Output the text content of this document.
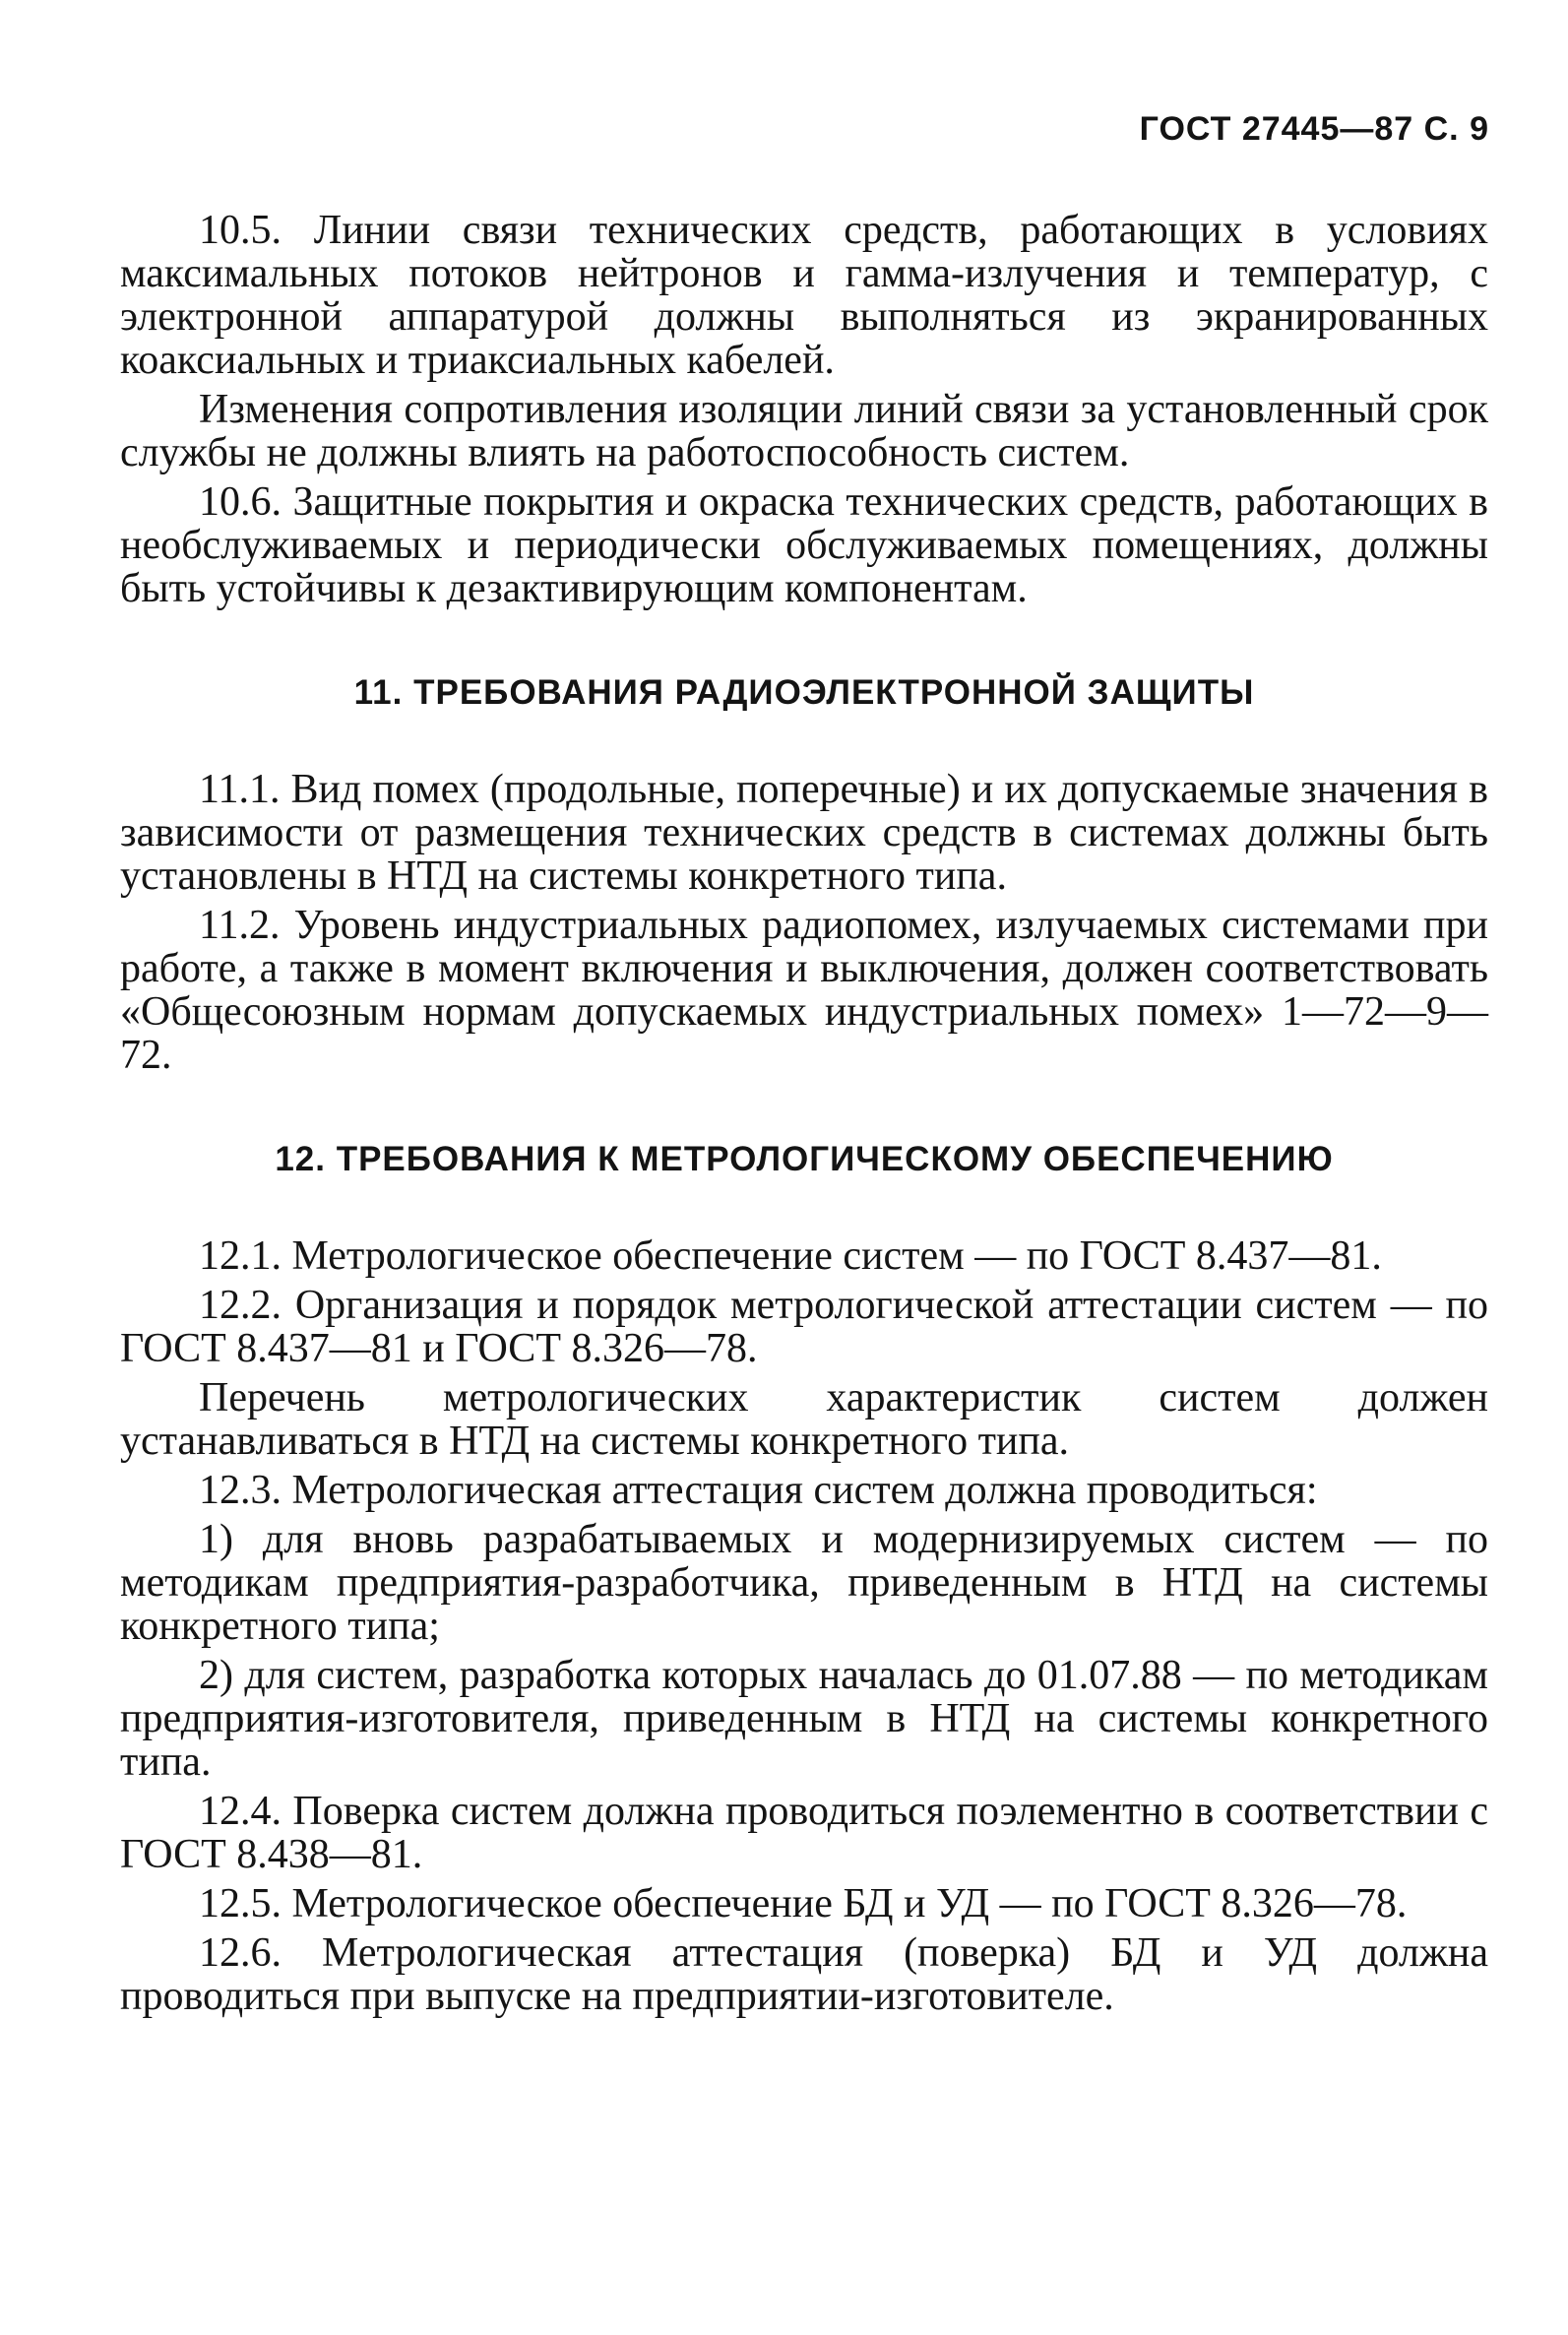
ГОСТ 27445—87 С. 9

10.5. Линии связи технических средств, работающих в условиях максимальных потоков нейтронов и гамма-излучения и температур, с электронной аппаратурой должны выполняться из экранированных коаксиальных и триаксиальных кабелей.

Изменения сопротивления изоляции линий связи за установленный срок службы не должны влиять на работоспособность систем.

10.6. Защитные покрытия и окраска технических средств, работающих в необслуживаемых и периодически обслуживаемых помещениях, должны быть устойчивы к дезактивирующим компонентам.

11. ТРЕБОВАНИЯ РАДИОЭЛЕКТРОННОЙ ЗАЩИТЫ

11.1. Вид помех (продольные, поперечные) и их допускаемые значения в зависимости от размещения технических средств в системах должны быть установлены в НТД на системы конкретного типа.

11.2. Уровень индустриальных радиопомех, излучаемых системами при работе, а также в момент включения и выключения, должен соответствовать «Общесоюзным нормам допускаемых индустриальных помех» 1—72—9—72.

12. ТРЕБОВАНИЯ К МЕТРОЛОГИЧЕСКОМУ ОБЕСПЕЧЕНИЮ

12.1. Метрологическое обеспечение систем — по ГОСТ 8.437—81.

12.2. Организация и порядок метрологической аттестации систем — по ГОСТ 8.437—81 и ГОСТ 8.326—78.

Перечень метрологических характеристик систем должен устанавливаться в НТД на системы конкретного типа.

12.3. Метрологическая аттестация систем должна проводиться:

1) для вновь разрабатываемых и модернизируемых систем — по методикам предприятия-разработчика, приведенным в НТД на системы конкретного типа;

2) для систем, разработка которых началась до 01.07.88 — по методикам предприятия-изготовителя, приведенным в НТД на системы конкретного типа.

12.4. Поверка систем должна проводиться поэлементно в соответствии с ГОСТ 8.438—81.

12.5. Метрологическое обеспечение БД и УД — по ГОСТ 8.326—78.

12.6. Метрологическая аттестация (поверка) БД и УД должна проводиться при выпуске на предприятии-изготовителе.
